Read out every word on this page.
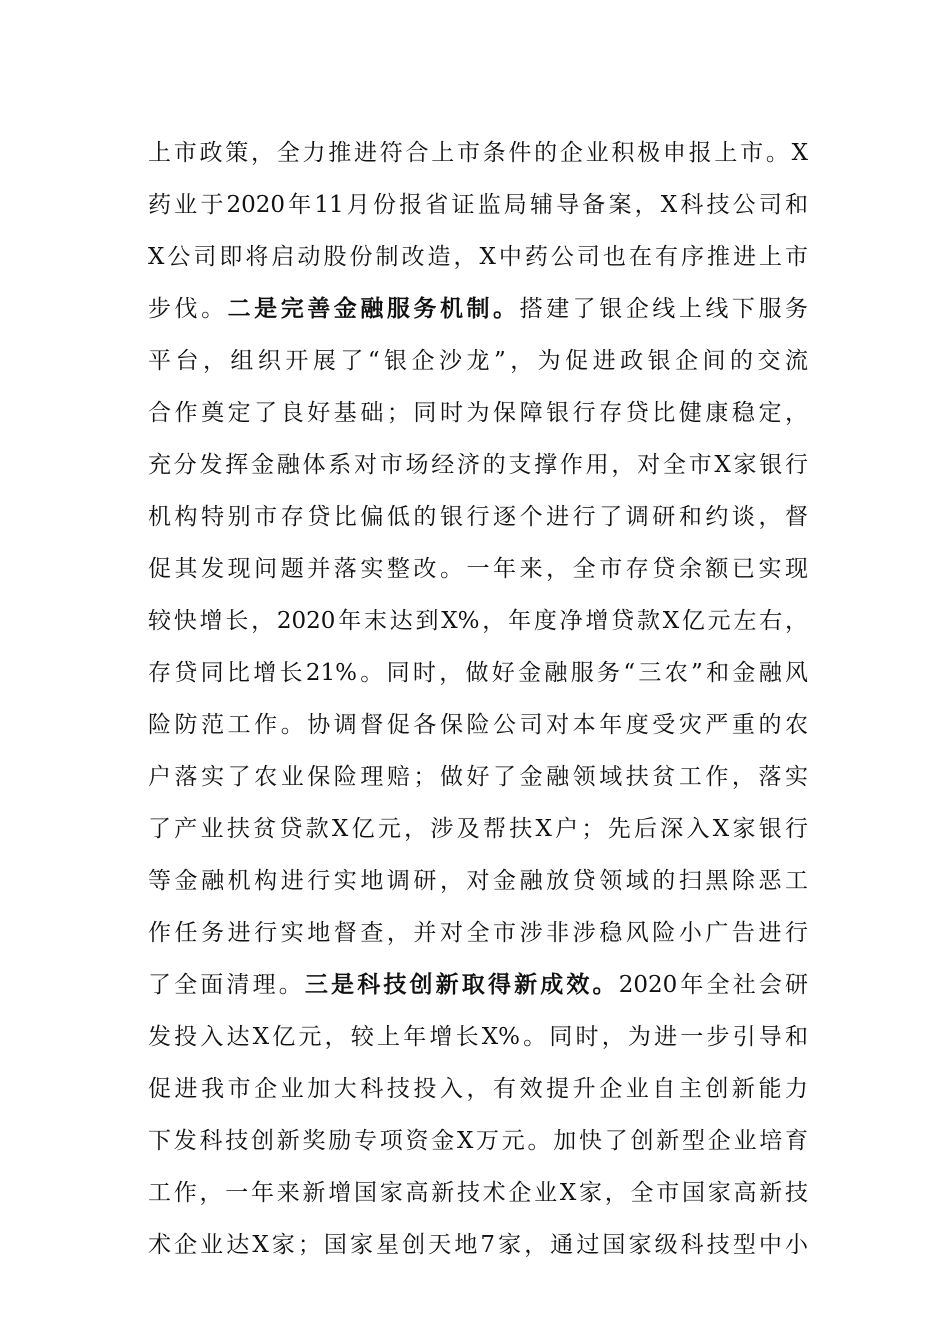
上市政策，全力推进符合上市条件的企业积极申报上市。X
药业于2020年11月份报省证监局辅导备案，X科技公司和
X公司即将启动股份制改造，X中药公司也在有序推进上市
步伐。二是完善金融服务机制。搭建了银企线上线下服务
平台，组织开展了“银企沙龙”，为促进政银企间的交流
合作奠定了良好基础；同时为保障银行存贷比健康稳定，
充分发挥金融体系对市场经济的支撑作用，对全市X家银行
机构特别市存贷比偏低的银行逐个进行了调研和约谈，督
促其发现问题并落实整改。一年来，全市存贷余额已实现
较快增长，2020年末达到X%，年度净增贷款X亿元左右，
存贷同比增长21%。同时，做好金融服务“三农”和金融风
险防范工作。协调督促各保险公司对本年度受灾严重的农
户落实了农业保险理赔；做好了金融领域扶贫工作，落实
了产业扶贫贷款X亿元，涉及帮扶X户；先后深入X家银行
等金融机构进行实地调研，对金融放贷领域的扫黑除恶工
作任务进行实地督查，并对全市涉非涉稳风险小广告进行
了全面清理。三是科技创新取得新成效。2020年全社会研
发投入达X亿元，较上年增长X%。同时，为进一步引导和
促进我市企业加大科技投入，有效提升企业自主创新能力
下发科技创新奖励专项资金X万元。加快了创新型企业培育
工作，一年来新增国家高新技术企业X家，全市国家高新技
术企业达X家；国家星创天地7家，通过国家级科技型中小
